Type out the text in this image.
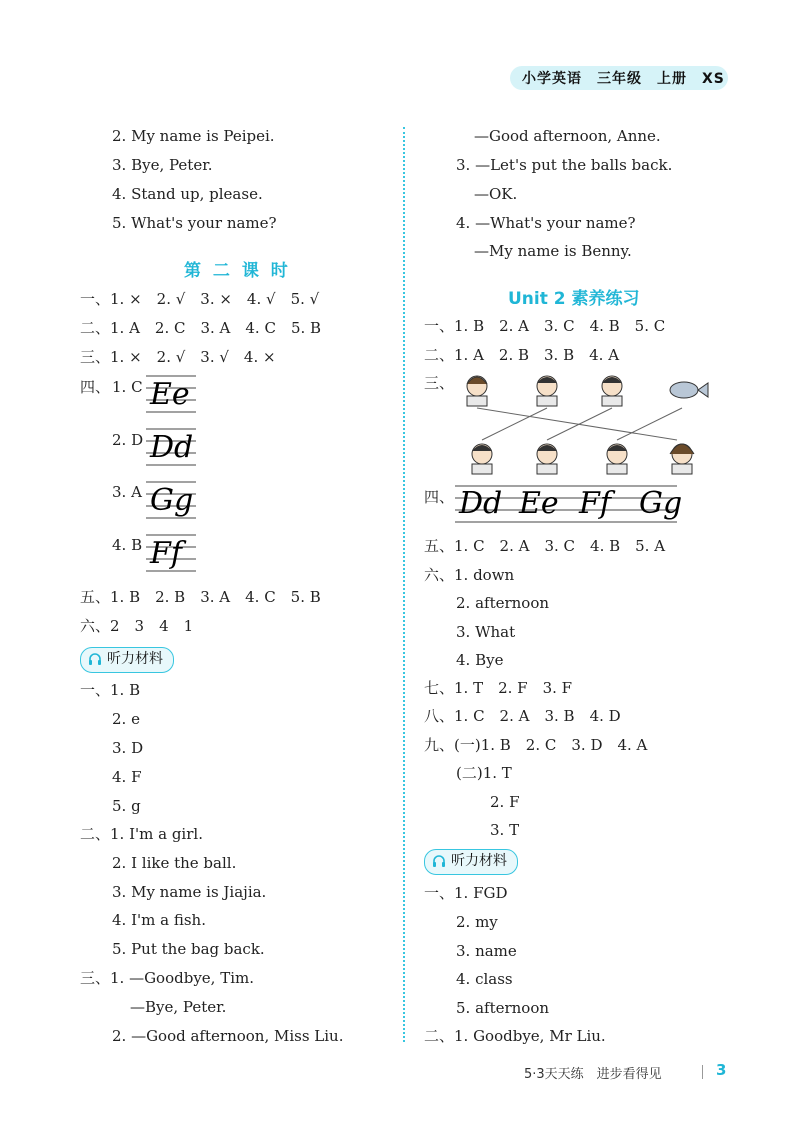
小学英语　三年级　上册　XS
2. My name is Peipei.
3. Bye, Peter.
4. Stand up, please.
5. What's your name?
第 二 课 时
一、1. ×　2. √　3. ×　4. √　5. √
二、1. A　2. C　3. A　4. C　5. B
三、1. ×　2. √　3. √　4. ×
四、 1. C
2. D
3. A
4. B
Ee
Dd
Gg
Ff
五、1. B　2. B　3. A　4. C　5. B
六、2　3　4　1
听力材料
一、1. B
2. e
3. D
4. F
5. g
二、1. I'm a girl.
2. I like the ball.
3. My name is Jiajia.
4. I'm a fish.
5. Put the bag back.
三、1. —Goodbye, Tim.
—Bye, Peter.
2. —Good afternoon, Miss Liu.
—Good afternoon, Anne.
3. —Let's put the balls back.
—OK.
4. —What's your name?
—My name is Benny.
Unit 2 素养练习
一、1. B　2. A　3. C　4. B　5. C
二、1. A　2. B　3. B　4. A
三、
四、 Dd Ee Ff Gg
五、1. C　2. A　3. C　4. B　5. A
六、1. down
2. afternoon
3. What
4. Bye
七、1. T　2. F　3. F
八、1. C　2. A　3. B　4. D
九、(一)1. B　2. C　3. D　4. A
(二)1. T
2. F
3. T
听力材料
一、1. FGD
2. my
3. name
4. class
5. afternoon
二、1. Goodbye, Mr Liu.
5·3天天练　进步看得见	3
